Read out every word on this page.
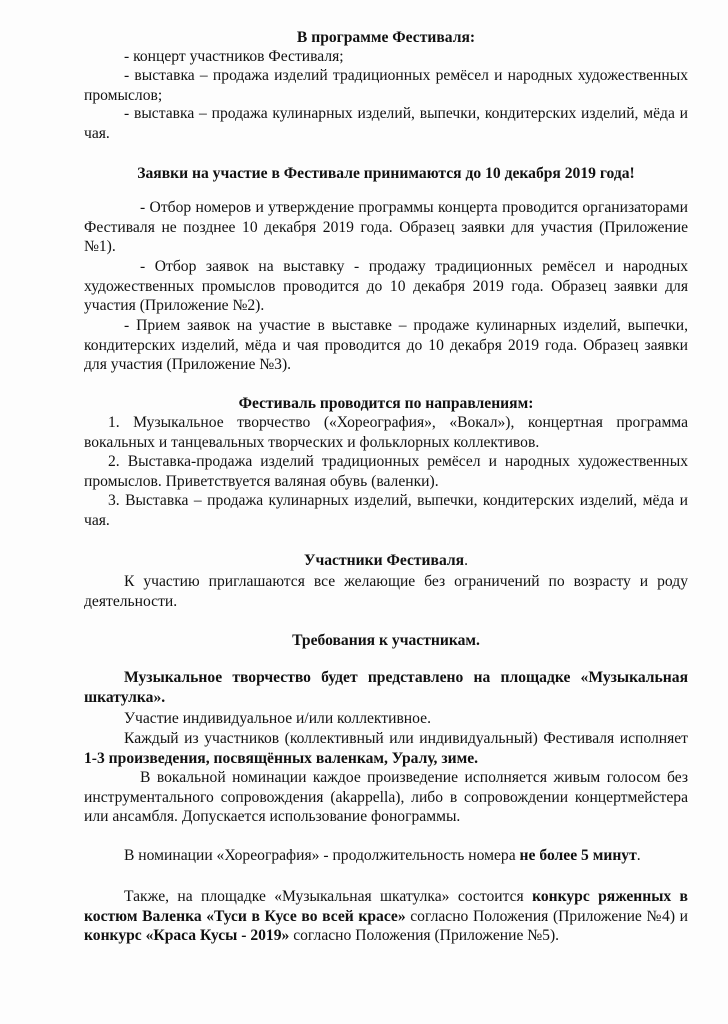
В программе Фестиваля:
- концерт участников Фестиваля;
- выставка – продажа изделий традиционных ремёсел и народных художественных промыслов;
- выставка – продажа кулинарных изделий, выпечки, кондитерских изделий, мёда и чая.
Заявки на участие в Фестивале принимаются до 10 декабря 2019 года!
- Отбор номеров и утверждение программы концерта проводится организаторами Фестиваля не позднее 10 декабря 2019 года. Образец заявки для участия (Приложение №1).
- Отбор заявок на выставку - продажу традиционных ремёсел и народных художественных промыслов проводится до 10 декабря 2019 года. Образец заявки для участия (Приложение №2).
- Прием заявок на участие в выставке – продаже кулинарных изделий, выпечки, кондитерских изделий, мёда и чая проводится до 10 декабря 2019 года. Образец заявки для участия (Приложение №3).
Фестиваль проводится по направлениям:
1. Музыкальное творчество («Хореография», «Вокал»), концертная программа вокальных и танцевальных творческих и фольклорных коллективов.
2. Выставка-продажа изделий традиционных ремёсел и народных художественных промыслов. Приветствуется валяная обувь (валенки).
3. Выставка – продажа кулинарных изделий, выпечки, кондитерских изделий, мёда и чая.
Участники Фестиваля.
К участию приглашаются все желающие без ограничений по возрасту и роду деятельности.
Требования к участникам.
Музыкальное творчество будет представлено на площадке «Музыкальная шкатулка».
Участие индивидуальное и/или коллективное.
Каждый из участников (коллективный или индивидуальный) Фестиваля исполняет 1-3 произведения, посвящённых валенкам, Уралу, зиме.
В вокальной номинации каждое произведение исполняется живым голосом без инструментального сопровождения (akappella), либо в сопровождении концертмейстера или ансамбля. Допускается использование фонограммы.
В номинации «Хореография» - продолжительность номера не более 5 минут.
Также, на площадке «Музыкальная шкатулка» состоится конкурс ряженных в костюм Валенка «Туси в Кусе во всей красе» согласно Положения (Приложение №4) и конкурс «Краса Кусы - 2019» согласно Положения (Приложение №5).
